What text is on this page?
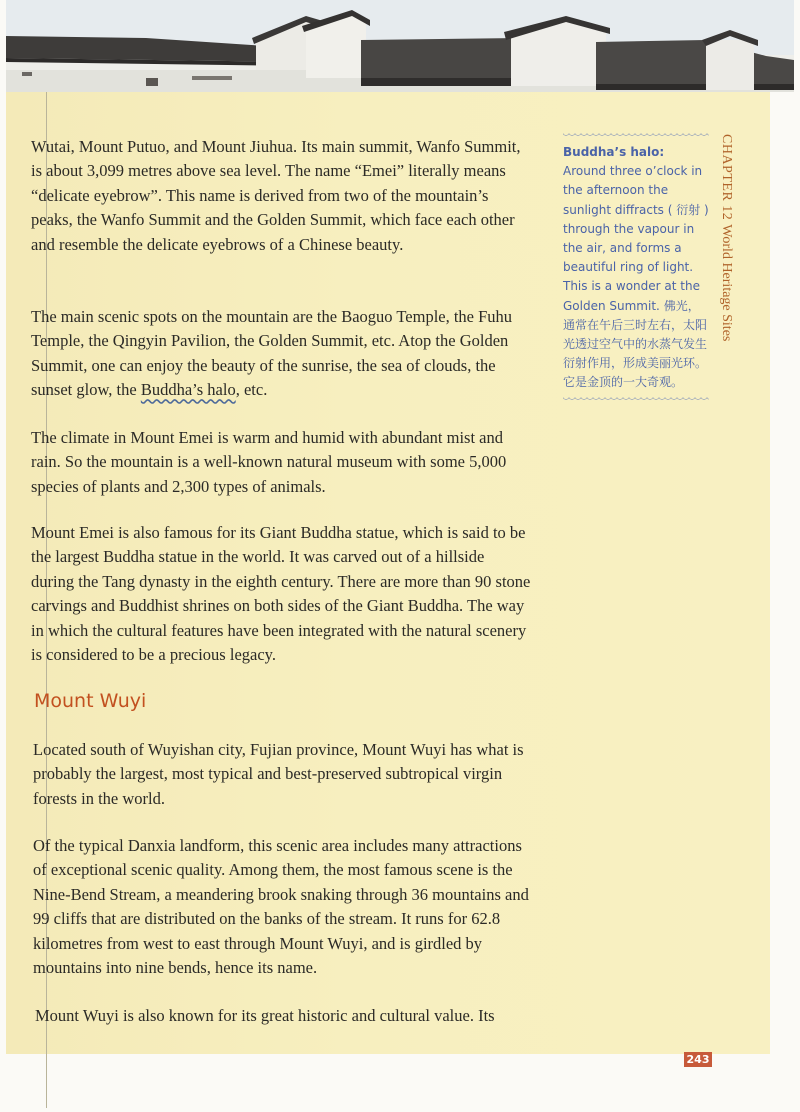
Wutai, Mount Putuo, and Mount Jiuhua. Its main summit, Wanfo Summit, is about 3,099 metres above sea level. The name “Emei” literally means “delicate eyebrow”. This name is derived from two of the mountain’s peaks, the Wanfo Summit and the Golden Summit, which face each other and resemble the delicate eyebrows of a Chinese beauty.

The main scenic spots on the mountain are the Baoguo Temple, the Fuhu Temple, the Qingyin Pavilion, the Golden Summit, etc. Atop the Golden Summit, one can enjoy the beauty of the sunrise, the sea of clouds, the sunset glow, the Buddha’s halo, etc.

The climate in Mount Emei is warm and humid with abundant mist and rain. So the mountain is a well-known natural museum with some 5,000 species of plants and 2,300 types of animals.

Mount Emei is also famous for its Giant Buddha statue, which is said to be the largest Buddha statue in the world. It was carved out of a hillside during the Tang dynasty in the eighth century. There are more than 90 stone carvings and Buddhist shrines on both sides of the Giant Buddha. The way in which the cultural features have been integrated with the natural scenery is considered to be a precious legacy.

Mount Wuyi

Located south of Wuyishan city, Fujian province, Mount Wuyi has what is probably the largest, most typical and best-preserved subtropical virgin forests in the world.

Of the typical Danxia landform, this scenic area includes many attractions of exceptional scenic quality. Among them, the most famous scene is the Nine-Bend Stream, a meandering brook snaking through 36 mountains and 99 cliffs that are distributed on the banks of the stream. It runs for 62.8 kilometres from west to east through Mount Wuyi, and is girdled by mountains into nine bends, hence its name.

Mount Wuyi is also known for its great historic and cultural value. Its

Buddha’s halo: Around three o’clock in the afternoon the sunlight diffracts ( 衍射 ) through the vapour in the air, and forms a beautiful ring of light. This is a wonder at the Golden Summit. 佛光，通常在午后三时左右，太阳光透过空气中的水蒸气发生衍射作用，形成美丽光环。它是金顶的一大奇观。

CHAPTER 12 World Heritage Sites
243
